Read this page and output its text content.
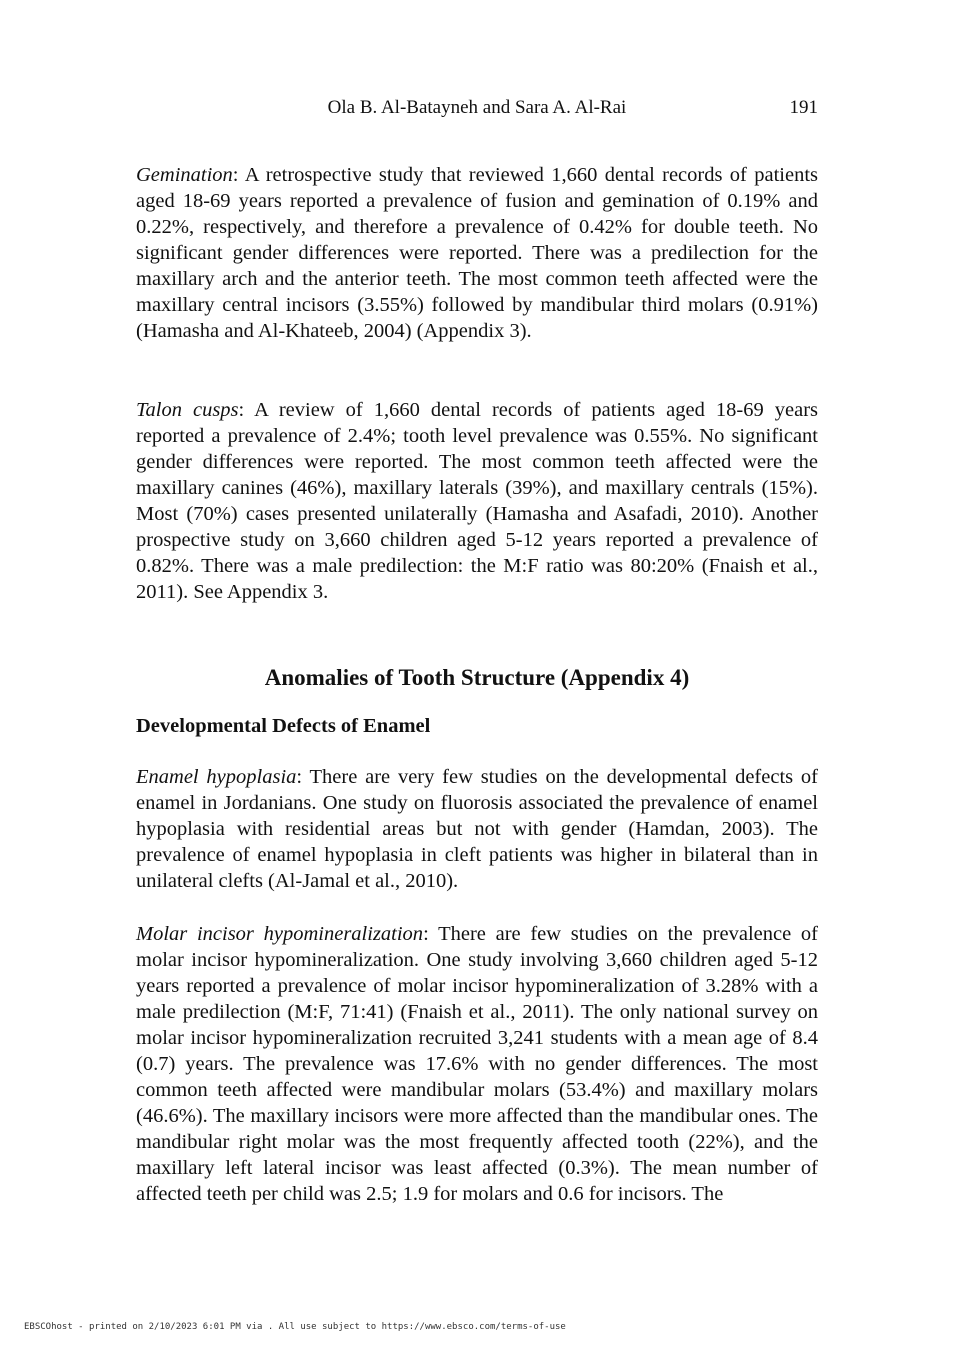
Ola B. Al-Batayneh and Sara A. Al-Rai	191

Gemination: A retrospective study that reviewed 1,660 dental records of patients aged 18-69 years reported a prevalence of fusion and gemination of 0.19% and 0.22%, respectively, and therefore a prevalence of 0.42% for double teeth. No significant gender differences were reported. There was a predilection for the maxillary arch and the anterior teeth. The most common teeth affected were the maxillary central incisors (3.55%) followed by mandibular third molars (0.91%) (Hamasha and Al-Khateeb, 2004) (Appendix 3).

Talon cusps: A review of 1,660 dental records of patients aged 18-69 years reported a prevalence of 2.4%; tooth level prevalence was 0.55%. No significant gender differences were reported. The most common teeth affected were the maxillary canines (46%), maxillary laterals (39%), and maxillary centrals (15%). Most (70%) cases presented unilaterally (Hamasha and Asafadi, 2010). Another prospective study on 3,660 children aged 5-12 years reported a prevalence of 0.82%. There was a male predilection: the M:F ratio was 80:20% (Fnaish et al., 2011). See Appendix 3.

Anomalies of Tooth Structure (Appendix 4)
Developmental Defects of Enamel

Enamel hypoplasia: There are very few studies on the developmental defects of enamel in Jordanians. One study on fluorosis associated the prevalence of enamel hypoplasia with residential areas but not with gender (Hamdan, 2003). The prevalence of enamel hypoplasia in cleft patients was higher in bilateral than in unilateral clefts (Al-Jamal et al., 2010).

Molar incisor hypomineralization: There are few studies on the prevalence of molar incisor hypomineralization. One study involving 3,660 children aged 5-12 years reported a prevalence of molar incisor hypomineralization of 3.28% with a male predilection (M:F, 71:41) (Fnaish et al., 2011). The only national survey on molar incisor hypomineralization recruited 3,241 students with a mean age of 8.4 (0.7) years. The prevalence was 17.6% with no gender differences. The most common teeth affected were mandibular molars (53.4%) and maxillary molars (46.6%). The maxillary incisors were more affected than the mandibular ones. The mandibular right molar was the most frequently affected tooth (22%), and the maxillary left lateral incisor was least affected (0.3%). The mean number of affected teeth per child was 2.5; 1.9 for molars and 0.6 for incisors. The

EBSCOhost - printed on 2/10/2023 6:01 PM via . All use subject to https://www.ebsco.com/terms-of-use
